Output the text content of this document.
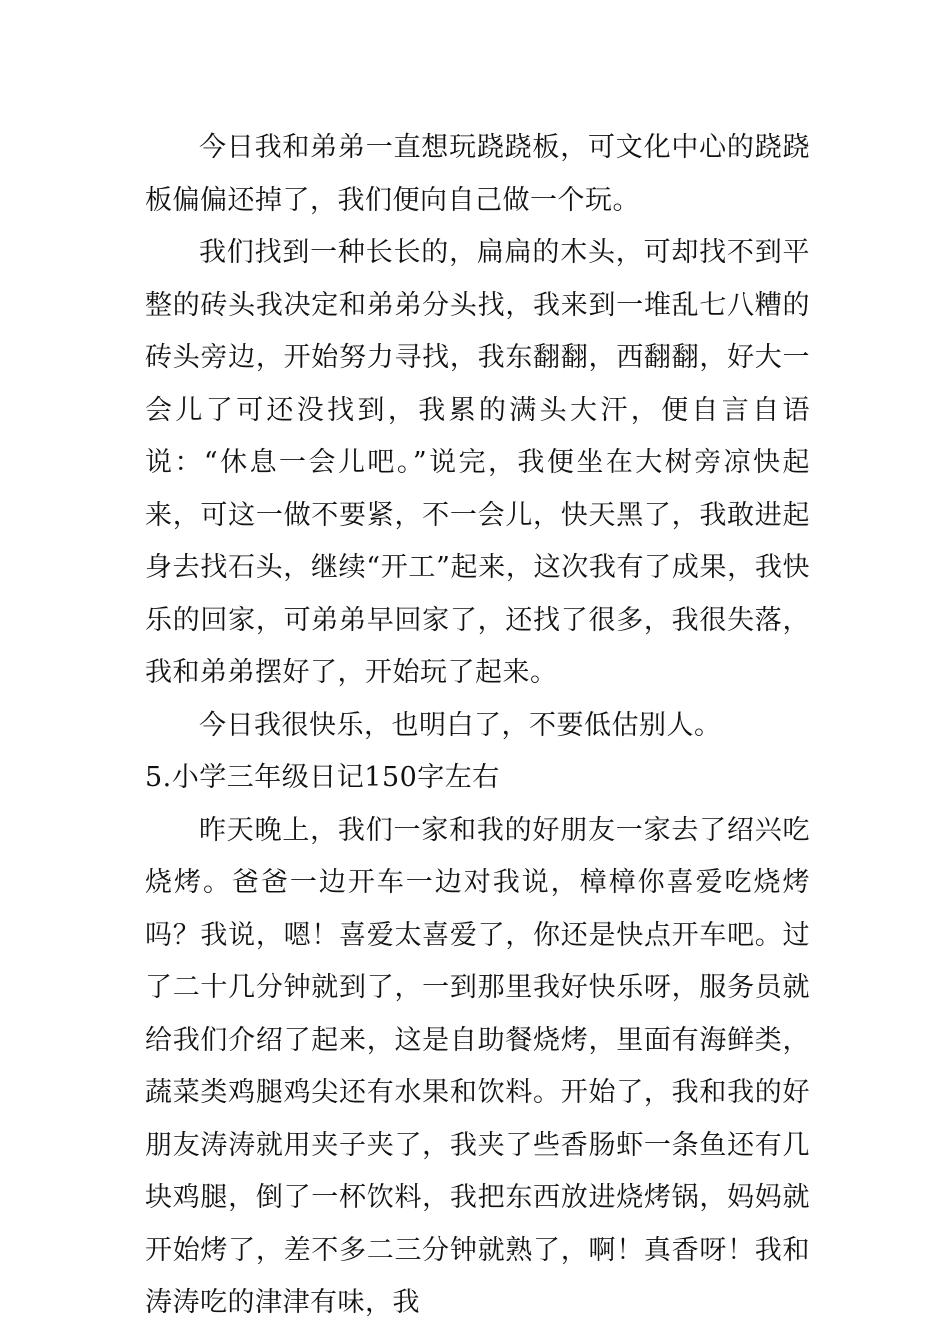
今日我和弟弟一直想玩跷跷板，可文化中心的跷跷板偏偏还掉了，我们便向自己做一个玩。

我们找到一种长长的，扁扁的木头，可却找不到平整的砖头我决定和弟弟分头找，我来到一堆乱七八糟的砖头旁边，开始努力寻找，我东翻翻，西翻翻，好大一会儿了可还没找到，我累的满头大汗，便自言自语说：“休息一会儿吧。”说完，我便坐在大树旁凉快起来，可这一做不要紧，不一会儿，快天黑了，我敢进起身去找石头，继续“开工”起来，这次我有了成果，我快乐的回家，可弟弟早回家了，还找了很多，我很失落，我和弟弟摆好了，开始玩了起来。

今日我很快乐，也明白了，不要低估别人。

5.小学三年级日记150字左右

昨天晚上，我们一家和我的好朋友一家去了绍兴吃烧烤。爸爸一边开车一边对我说，樟樟你喜爱吃烧烤吗？我说，嗯！喜爱太喜爱了，你还是快点开车吧。过了二十几分钟就到了，一到那里我好快乐呀，服务员就给我们介绍了起来，这是自助餐烧烤，里面有海鲜类，蔬菜类鸡腿鸡尖还有水果和饮料。开始了，我和我的好朋友涛涛就用夹子夹了，我夹了些香肠虾一条鱼还有几块鸡腿，倒了一杯饮料，我把东西放进烧烤锅，妈妈就开始烤了，差不多二三分钟就熟了，啊！真香呀！我和涛涛吃的津津有味，我
